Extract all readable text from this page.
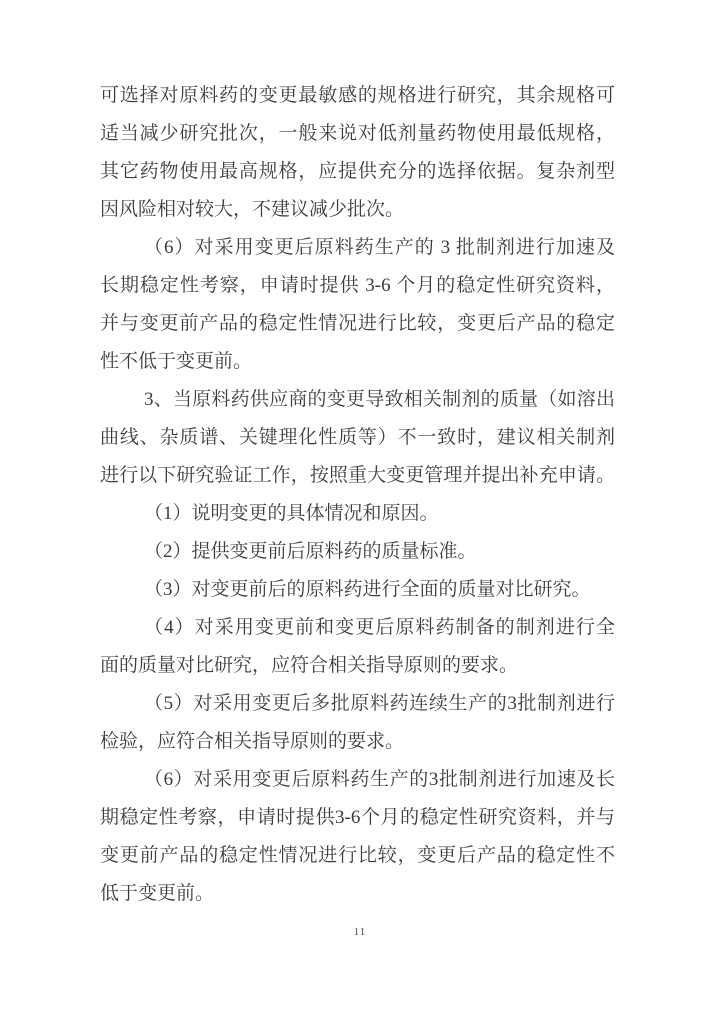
可选择对原料药的变更最敏感的规格进行研究，其余规格可
适当减少研究批次，一般来说对低剂量药物使用最低规格，
其它药物使用最高规格，应提供充分的选择依据。复杂剂型
因风险相对较大，不建议减少批次。
（6）对采用变更后原料药生产的 3 批制剂进行加速及
长期稳定性考察，申请时提供 3-6 个月的稳定性研究资料，
并与变更前产品的稳定性情况进行比较，变更后产品的稳定
性不低于变更前。
3、当原料药供应商的变更导致相关制剂的质量（如溶出
曲线、杂质谱、关键理化性质等）不一致时，建议相关制剂
进行以下研究验证工作，按照重大变更管理并提出补充申请。
（1）说明变更的具体情况和原因。
（2）提供变更前后原料药的质量标准。
（3）对变更前后的原料药进行全面的质量对比研究。
（4）对采用变更前和变更后原料药制备的制剂进行全
面的质量对比研究，应符合相关指导原则的要求。
（5）对采用变更后多批原料药连续生产的3批制剂进行
检验，应符合相关指导原则的要求。
（6）对采用变更后原料药生产的3批制剂进行加速及长
期稳定性考察，申请时提供3-6个月的稳定性研究资料，并与
变更前产品的稳定性情况进行比较，变更后产品的稳定性不
低于变更前。
11
